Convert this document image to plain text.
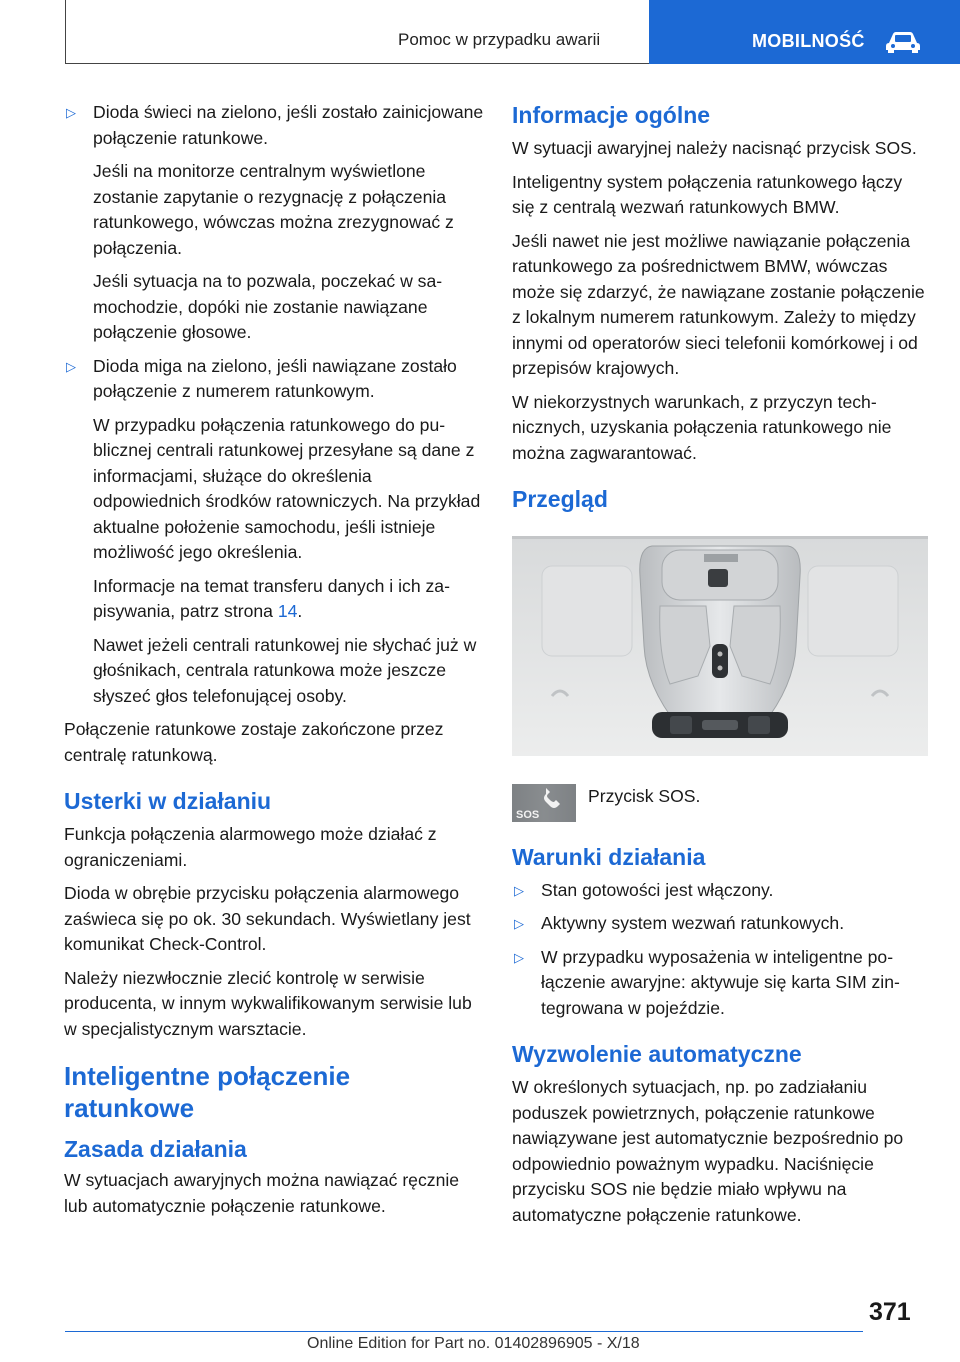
Pomoc w przypadku awarii	MOBILNOŚĆ
▷ Dioda świeci na zielono, jeśli zostało zainicjowane połączenie ratunkowe.

Jeśli na monitorze centralnym wyświetlone zostanie zapytanie o rezygnację z połączenia ratunkowego, wówczas można zrezygnować z połączenia.

Jeśli sytuacja na to pozwala, poczekać w samochodzie, dopóki nie zostanie nawiązane połączenie głosowe.

▷ Dioda miga na zielono, jeśli nawiązane zostało połączenie z numerem ratunkowym.

W przypadku połączenia ratunkowego do publicznej centrali ratunkowej przesyłane są dane z informacjami, służące do określenia odpowiednich środków ratowniczych. Na przykład aktualne położenie samochodu, jeśli istnieje możliwość jego określenia.

Informacje na temat transferu danych i ich zapisywania, patrz strona 14.

Nawet jeżeli centrali ratunkowej nie słychać już w głośnikach, centrala ratunkowa może jeszcze słyszeć głos telefonującej osoby.

Połączenie ratunkowe zostaje zakończone przez centralę ratunkową.

Usterki w działaniu

Funkcja połączenia alarmowego może działać z ograniczeniami.

Dioda w obrębie przycisku połączenia alarmowego zaświeca się po ok. 30 sekundach. Wyświetlany jest komunikat Check-Control.

Należy niezwłocznie zlecić kontrolę w serwisie producenta, w innym wykwalifikowanym serwisie lub w specjalistycznym warsztacie.

Inteligentne połączenie ratunkowe
Zasada działania

W sytuacjach awaryjnych można nawiązać ręcznie lub automatycznie połączenie ratunkowe.

Informacje ogólne

W sytuacji awaryjnej należy nacisnąć przycisk SOS.

Inteligentny system połączenia ratunkowego łączy się z centralą wezwań ratunkowych BMW.

Jeśli nawet nie jest możliwe nawiązanie połączenia ratunkowego za pośrednictwem BMW, wówczas może się zdarzyć, że nawiązane zostanie połączenie z lokalnym numerem ratunkowym. Zależy to między innymi od operatorów sieci telefonii komórkowej i od przepisów krajowych.

W niekorzystnych warunkach, z przyczyn technicznych, uzyskania połączenia ratunkowego nie można zagwarantować.

Przegląd
SOS
Przycisk SOS.
Warunki działania
▷ Stan gotowości jest włączony.
▷ Aktywny system wezwań ratunkowych.
▷ W przypadku wyposażenia w inteligentne połączenie awaryjne: aktywuje się karta SIM zintegrowana w pojeździe.
Wyzwolenie automatyczne

W określonych sytuacjach, np. po zadziałaniu poduszek powietrznych, połączenie ratunkowe nawiązywane jest automatycznie bezpośrednio po odpowiednio poważnym wypadku. Naciśnięcie przycisku SOS nie będzie miało wpływu na automatyczne połączenie ratunkowe.

371
Online Edition for Part no. 01402896905 - X/18
